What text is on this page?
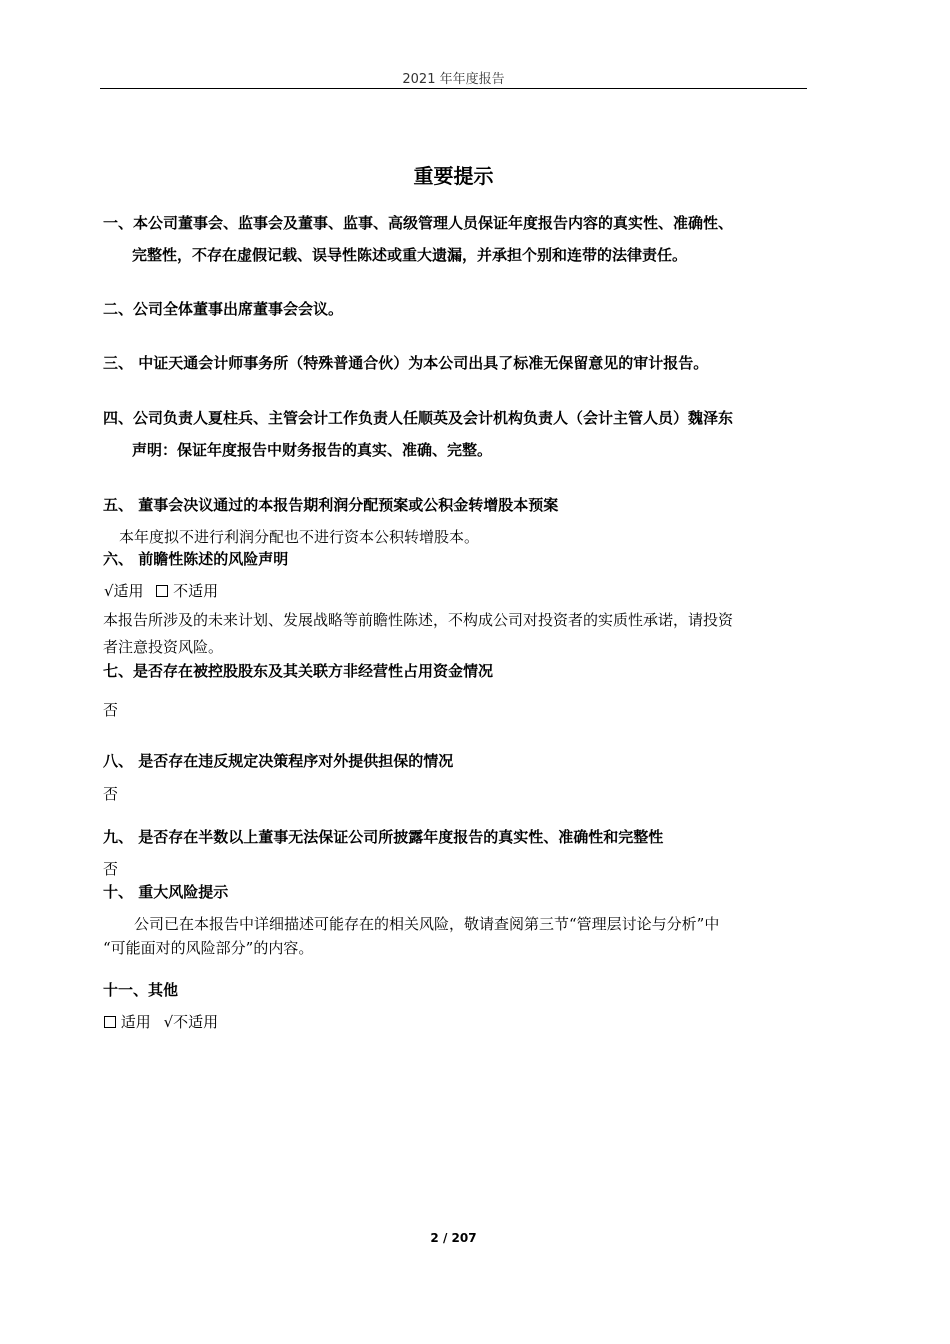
2021 年年度报告
重要提示
一、本公司董事会、监事会及董事、监事、高级管理人员保证年度报告内容的真实性、准确性、
完整性，不存在虚假记载、误导性陈述或重大遗漏，并承担个别和连带的法律责任。
二、公司全体董事出席董事会会议。
三、 中证天通会计师事务所（特殊普通合伙）为本公司出具了标准无保留意见的审计报告。
四、公司负责人夏柱兵、主管会计工作负责人任顺英及会计机构负责人（会计主管人员）魏泽东
声明：保证年度报告中财务报告的真实、准确、完整。
五、 董事会决议通过的本报告期利润分配预案或公积金转增股本预案
本年度拟不进行利润分配也不进行资本公积转增股本。
六、 前瞻性陈述的风险声明
√适用 不适用
本报告所涉及的未来计划、发展战略等前瞻性陈述，不构成公司对投资者的实质性承诺，请投资
者注意投资风险。
七、是否存在被控股股东及其关联方非经营性占用资金情况
否
八、 是否存在违反规定决策程序对外提供担保的情况
否
九、 是否存在半数以上董事无法保证公司所披露年度报告的真实性、准确性和完整性
否
十、 重大风险提示
公司已在本报告中详细描述可能存在的相关风险，敬请查阅第三节“管理层讨论与分析”中
“可能面对的风险部分”的内容。
十一、其他
适用 √不适用
2 / 207
